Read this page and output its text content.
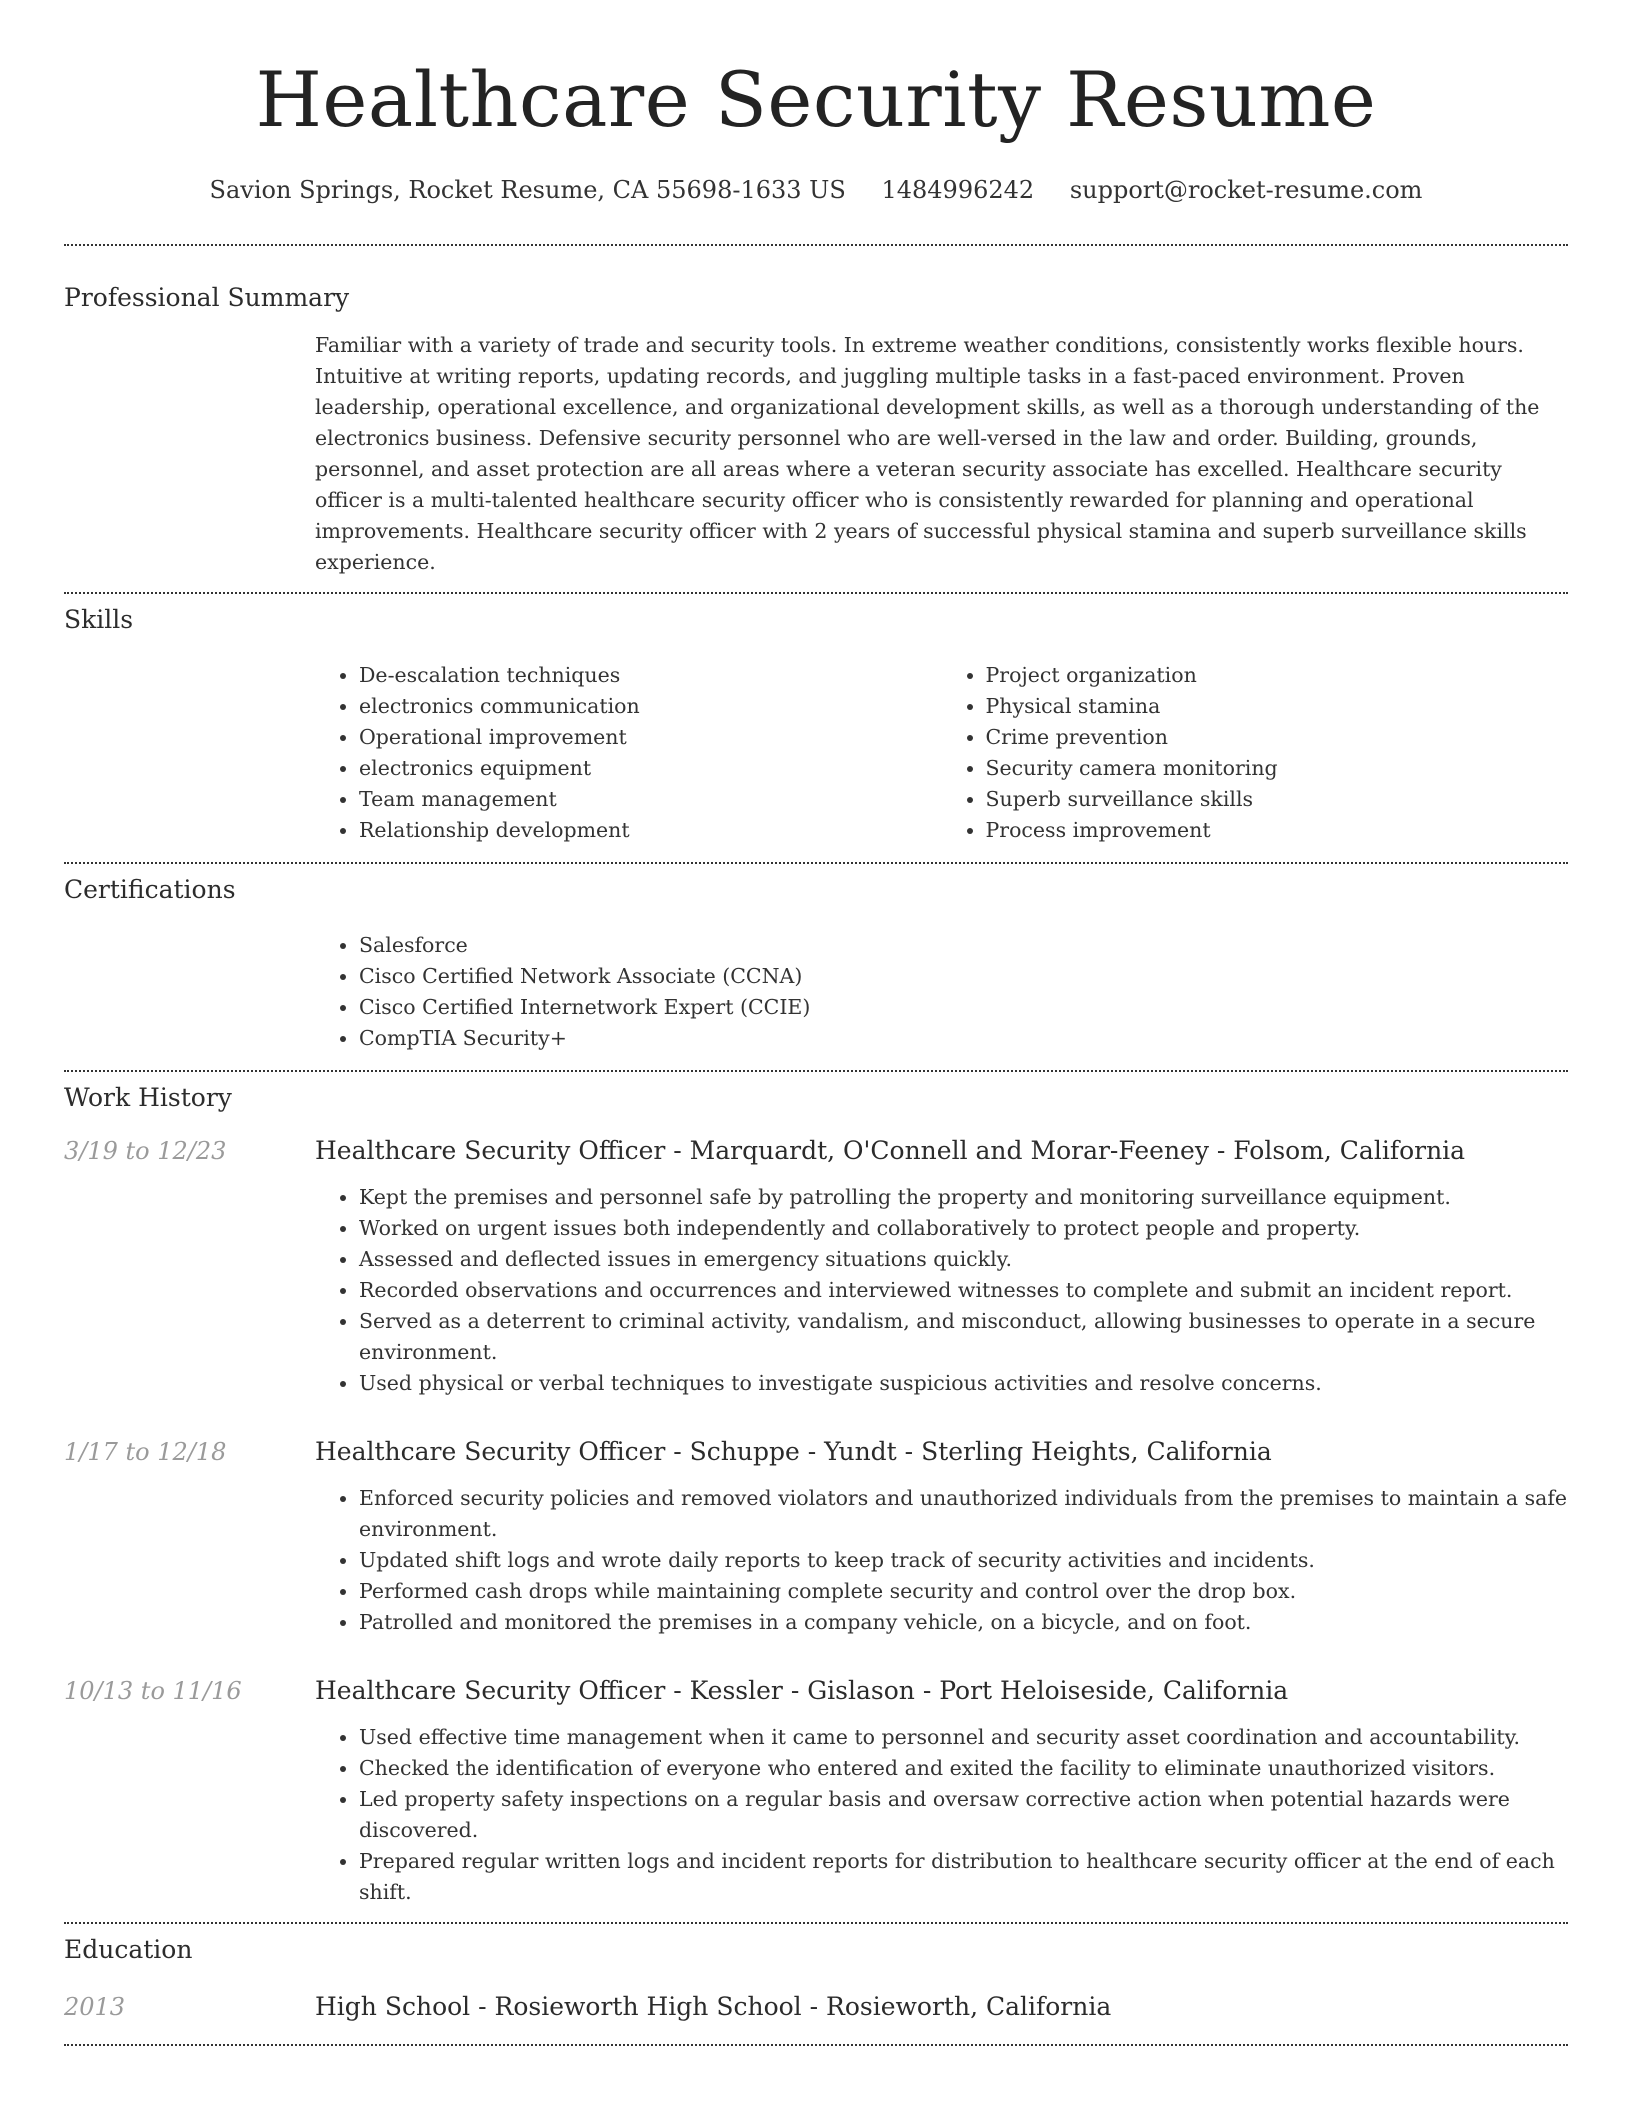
Healthcare Security Resume
Savion Springs, Rocket Resume, CA 55698-1633 US 1484996242 support@rocket-resume.com
Professional Summary
Familiar with a variety of trade and security tools. In extreme weather conditions, consistently works flexible hours. Intuitive at writing reports, updating records, and juggling multiple tasks in a fast-paced environment. Proven leadership, operational excellence, and organizational development skills, as well as a thorough understanding of the electronics business. Defensive security personnel who are well-versed in the law and order. Building, grounds, personnel, and asset protection are all areas where a veteran security associate has excelled. Healthcare security officer is a multi-talented healthcare security officer who is consistently rewarded for planning and operational improvements. Healthcare security officer with 2 years of successful physical stamina and superb surveillance skills experience.
Skills
• De-escalation techniques
• electronics communication
• Operational improvement
• electronics equipment
• Team management
• Relationship development
• Project organization
• Physical stamina
• Crime prevention
• Security camera monitoring
• Superb surveillance skills
• Process improvement
Certifications
• Salesforce
• Cisco Certified Network Associate (CCNA)
• Cisco Certified Internetwork Expert (CCIE)
• CompTIA Security+
Work History
3/19 to 12/23	Healthcare Security Officer - Marquardt, O'Connell and Morar-Feeney - Folsom, California
• Kept the premises and personnel safe by patrolling the property and monitoring surveillance equipment.
• Worked on urgent issues both independently and collaboratively to protect people and property.
• Assessed and deflected issues in emergency situations quickly.
• Recorded observations and occurrences and interviewed witnesses to complete and submit an incident report.
• Served as a deterrent to criminal activity, vandalism, and misconduct, allowing businesses to operate in a secure environment.
• Used physical or verbal techniques to investigate suspicious activities and resolve concerns.
1/17 to 12/18	Healthcare Security Officer - Schuppe - Yundt - Sterling Heights, California
• Enforced security policies and removed violators and unauthorized individuals from the premises to maintain a safe environment.
• Updated shift logs and wrote daily reports to keep track of security activities and incidents.
• Performed cash drops while maintaining complete security and control over the drop box.
• Patrolled and monitored the premises in a company vehicle, on a bicycle, and on foot.
10/13 to 11/16	Healthcare Security Officer - Kessler - Gislason - Port Heloiseside, California
• Used effective time management when it came to personnel and security asset coordination and accountability.
• Checked the identification of everyone who entered and exited the facility to eliminate unauthorized visitors.
• Led property safety inspections on a regular basis and oversaw corrective action when potential hazards were discovered.
• Prepared regular written logs and incident reports for distribution to healthcare security officer at the end of each shift.
Education
2013	High School - Rosieworth High School - Rosieworth, California
